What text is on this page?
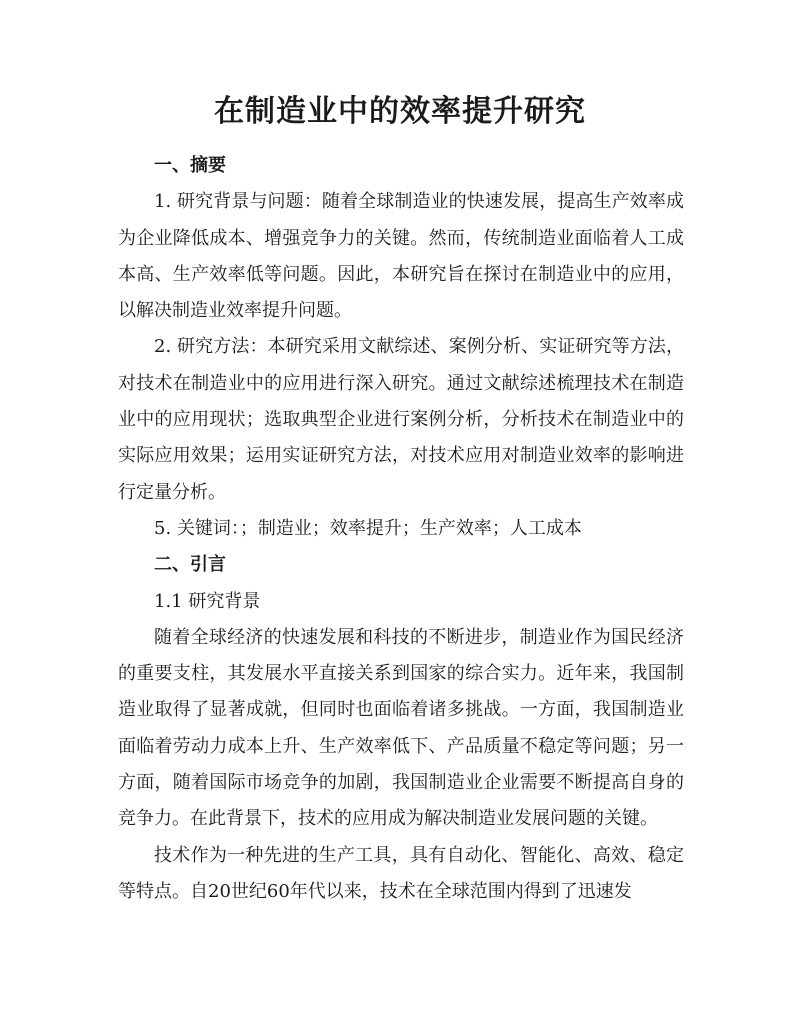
在制造业中的效率提升研究

一、摘要

1. 研究背景与问题：随着全球制造业的快速发展，提高生产效率成为企业降低成本、增强竞争力的关键。然而，传统制造业面临着人工成本高、生产效率低等问题。因此，本研究旨在探讨在制造业中的应用，以解决制造业效率提升问题。

2. 研究方法：本研究采用文献综述、案例分析、实证研究等方法，对技术在制造业中的应用进行深入研究。通过文献综述梳理技术在制造业中的应用现状；选取典型企业进行案例分析，分析技术在制造业中的实际应用效果；运用实证研究方法，对技术应用对制造业效率的影响进行定量分析。

5. 关键词：；制造业；效率提升；生产效率；人工成本

二、引言

1.1 研究背景

随着全球经济的快速发展和科技的不断进步，制造业作为国民经济的重要支柱，其发展水平直接关系到国家的综合实力。近年来，我国制造业取得了显著成就，但同时也面临着诸多挑战。一方面，我国制造业面临着劳动力成本上升、生产效率低下、产品质量不稳定等问题；另一方面，随着国际市场竞争的加剧，我国制造业企业需要不断提高自身的竞争力。在此背景下，技术的应用成为解决制造业发展问题的关键。

技术作为一种先进的生产工具，具有自动化、智能化、高效、稳定等特点。自20世纪60年代以来，技术在全球范围内得到了迅速发
